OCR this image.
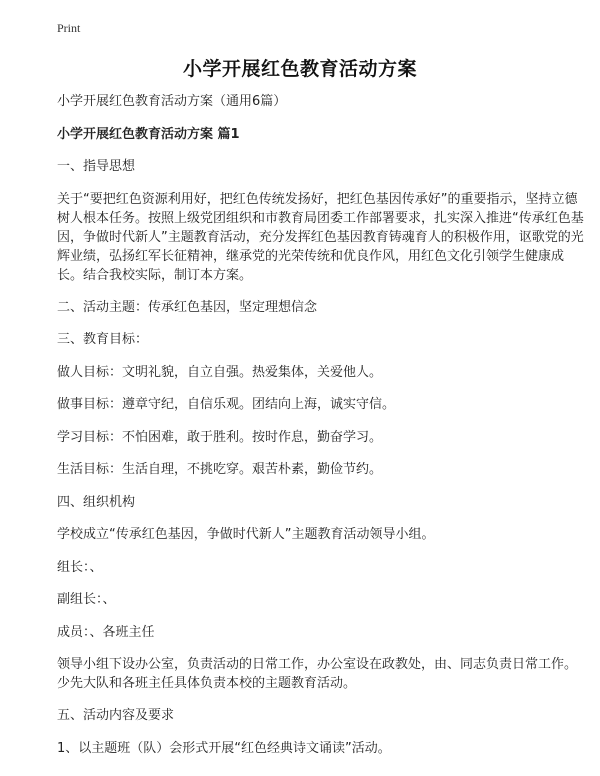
Print
小学开展红色教育活动方案

小学开展红色教育活动方案（通用6篇）

小学开展红色教育活动方案 篇1

一、指导思想

关于“要把红色资源利用好，把红色传统发扬好，把红色基因传承好”的重要指示，坚持立德树人根本任务。按照上级党团组织和市教育局团委工作部署要求，扎实深入推进“传承红色基因，争做时代新人”主题教育活动，充分发挥红色基因教育铸魂育人的积极作用，讴歌党的光辉业绩，弘扬红军长征精神，继承党的光荣传统和优良作风，用红色文化引领学生健康成长。结合我校实际，制订本方案。

二、活动主题：传承红色基因，坚定理想信念

三、教育目标：

做人目标：文明礼貌，自立自强。热爱集体，关爱他人。

做事目标：遵章守纪，自信乐观。团结向上海，诚实守信。

学习目标：不怕困难，敢于胜利。按时作息，勤奋学习。

生活目标：生活自理，不挑吃穿。艰苦朴素，勤俭节约。

四、组织机构

学校成立“传承红色基因，争做时代新人”主题教育活动领导小组。

组长：、

副组长：、

成员：、各班主任

领导小组下设办公室，负责活动的日常工作，办公室设在政教处，由、同志负责日常工作。少先大队和各班主任具体负责本校的主题教育活动。

五、活动内容及要求

1、以主题班（队）会形式开展“红色经典诗文诵读”活动。
